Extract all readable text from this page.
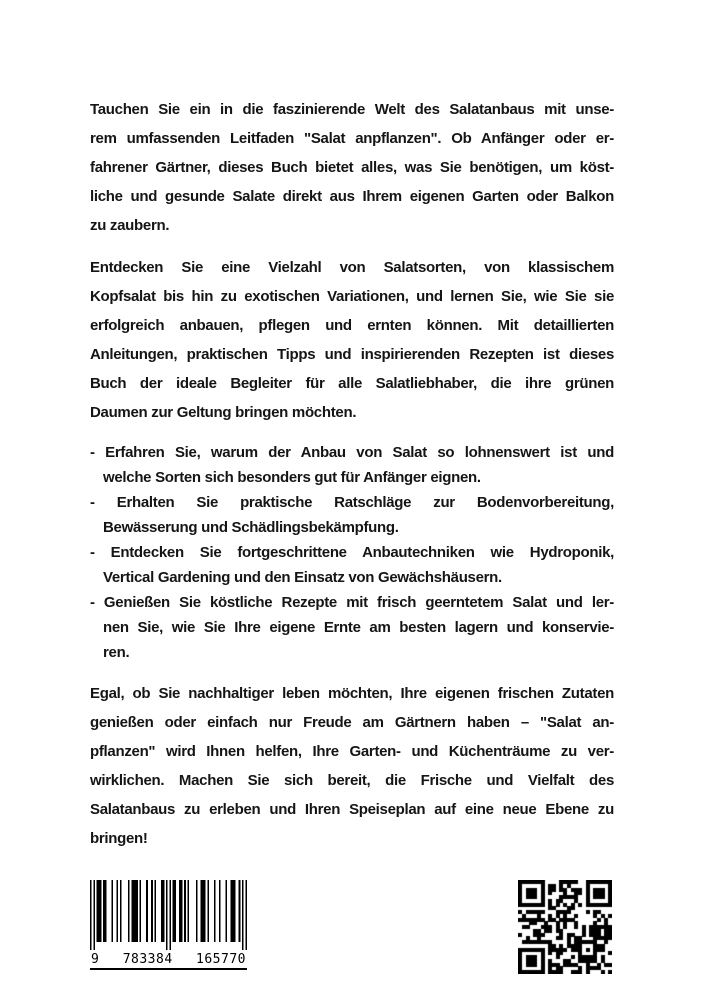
Tauchen Sie ein in die faszinierende Welt des Salatanbaus mit unse-
rem umfassenden Leitfaden "Salat anpflanzen". Ob Anfänger oder er-
fahrener Gärtner, dieses Buch bietet alles, was Sie benötigen, um köst-
liche und gesunde Salate direkt aus Ihrem eigenen Garten oder Balkon
zu zaubern.
Entdecken Sie eine Vielzahl von Salatsorten, von klassischem
Kopfsalat bis hin zu exotischen Variationen, und lernen Sie, wie Sie sie
erfolgreich anbauen, pflegen und ernten können. Mit detaillierten
Anleitungen, praktischen Tipps und inspirierenden Rezepten ist dieses
Buch der ideale Begleiter für alle Salatliebhaber, die ihre grünen
Daumen zur Geltung bringen möchten.
- Erfahren Sie, warum der Anbau von Salat so lohnenswert ist und
welche Sorten sich besonders gut für Anfänger eignen.
- Erhalten Sie praktische Ratschläge zur Bodenvorbereitung,
Bewässerung und Schädlingsbekämpfung.
- Entdecken Sie fortgeschrittene Anbautechniken wie Hydroponik,
Vertical Gardening und den Einsatz von Gewächshäusern.
- Genießen Sie köstliche Rezepte mit frisch geerntetem Salat und ler-
nen Sie, wie Sie Ihre eigene Ernte am besten lagern und konservie-
ren.
Egal, ob Sie nachhaltiger leben möchten, Ihre eigenen frischen Zutaten
genießen oder einfach nur Freude am Gärtnern haben – "Salat an-
pflanzen" wird Ihnen helfen, Ihre Garten- und Küchenträume zu ver-
wirklichen. Machen Sie sich bereit, die Frische und Vielfalt des
Salatanbaus zu erleben und Ihren Speiseplan auf eine neue Ebene zu
bringen!
9 783384 165770
